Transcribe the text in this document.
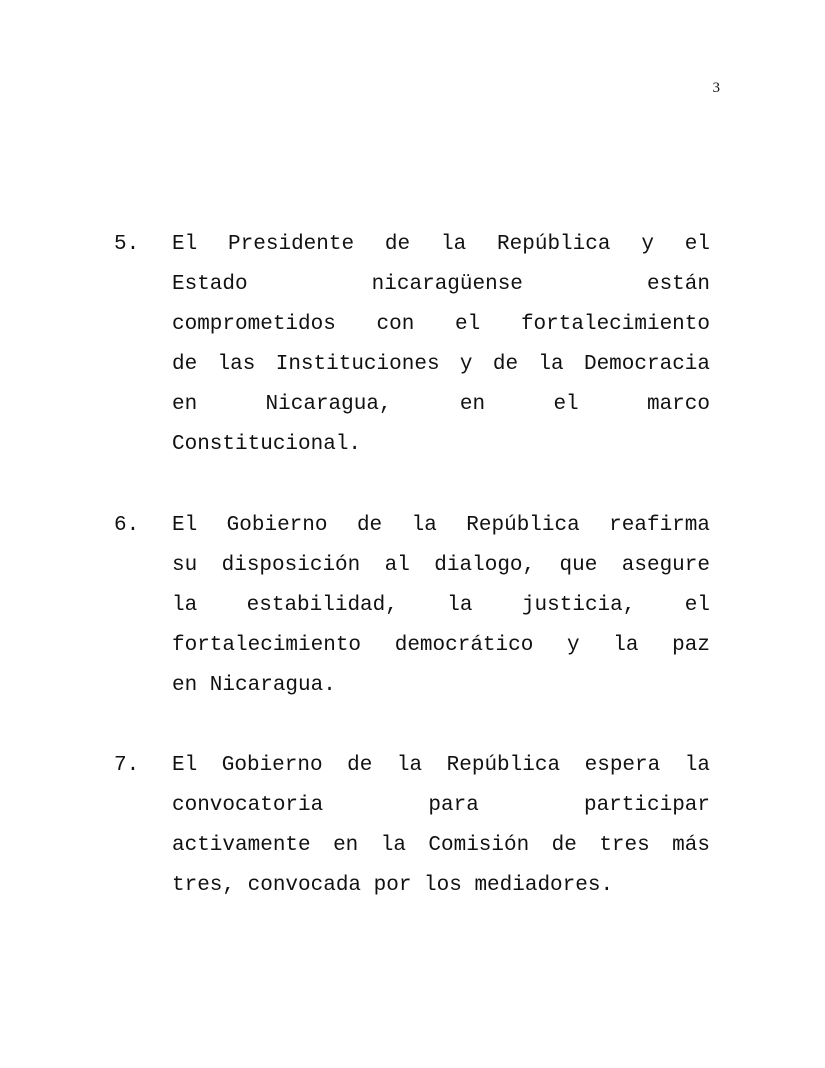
3
5.	El Presidente de la República y el
Estado nicaragüense están
comprometidos con el fortalecimiento
de las Instituciones y de la Democracia
en Nicaragua, en el marco
Constitucional.
6.	El Gobierno de la República reafirma
su disposición al dialogo, que asegure
la estabilidad, la justicia, el
fortalecimiento democrático y la paz
en Nicaragua.
7.	El Gobierno de la República espera la
convocatoria para participar
activamente en la Comisión de tres más
tres, convocada por los mediadores.
